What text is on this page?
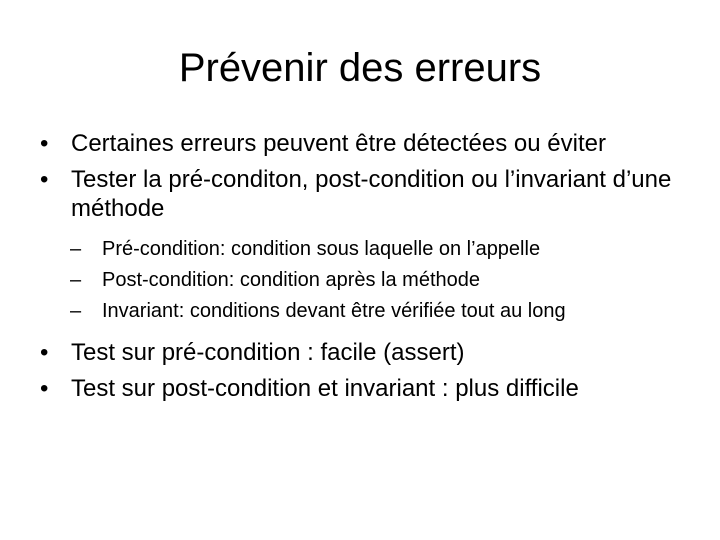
Prévenir des erreurs
• Certaines erreurs peuvent être détectées ou éviter
• Tester la pré-conditon, post-condition ou l’invariant d’une méthode
– Pré-condition: condition sous laquelle on l’appelle
– Post-condition: condition après la méthode
– Invariant: conditions devant être vérifiée tout au long
• Test sur pré-condition : facile (assert)
• Test sur post-condition et invariant : plus difficile
